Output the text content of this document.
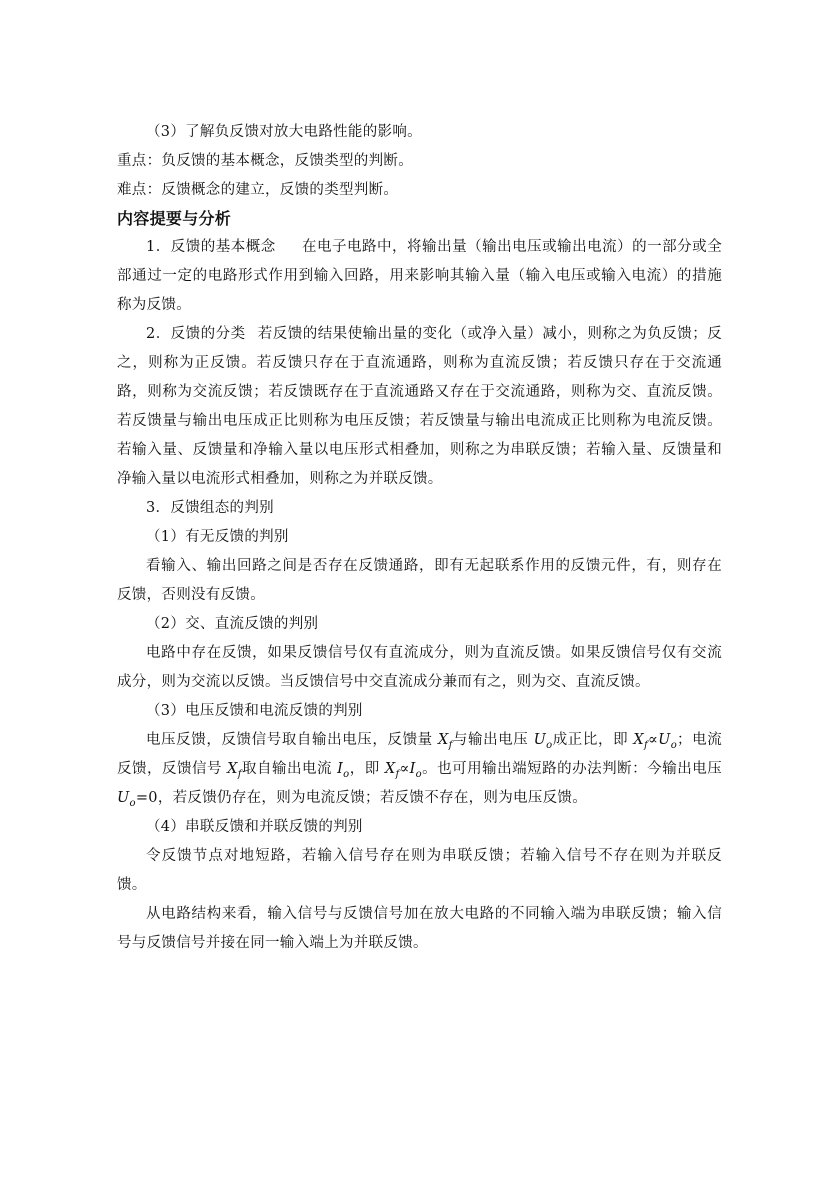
（3）了解负反馈对放大电路性能的影响。

重点：负反馈的基本概念，反馈类型的判断。

难点：反馈概念的建立，反馈的类型判断。

内容提要与分析

1．反馈的基本概念 在电子电路中，将输出量（输出电压或输出电流）的一部分或全部通过一定的电路形式作用到输入回路，用来影响其输入量（输入电压或输入电流）的措施称为反馈。

2．反馈的分类 若反馈的结果使输出量的变化（或净入量）减小，则称之为负反馈；反之，则称为正反馈。若反馈只存在于直流通路，则称为直流反馈；若反馈只存在于交流通路，则称为交流反馈；若反馈既存在于直流通路又存在于交流通路，则称为交、直流反馈。若反馈量与输出电压成正比则称为电压反馈；若反馈量与输出电流成正比则称为电流反馈。若输入量、反馈量和净输入量以电压形式相叠加，则称之为串联反馈；若输入量、反馈量和净输入量以电流形式相叠加，则称之为并联反馈。

3．反馈组态的判别

（1）有无反馈的判别

看输入、输出回路之间是否存在反馈通路，即有无起联系作用的反馈元件，有，则存在反馈，否则没有反馈。

（2）交、直流反馈的判别

电路中存在反馈，如果反馈信号仅有直流成分，则为直流反馈。如果反馈信号仅有交流成分，则为交流以反馈。当反馈信号中交直流成分兼而有之，则为交、直流反馈。

（3）电压反馈和电流反馈的判别

电压反馈，反馈信号取自输出电压，反馈量 $X_f$与输出电压 $U_o$成正比，即 $X_f\propto U_o$；电流反馈，反馈信号 $X_f$取自输出电流 $I_o$，即 $X_f\propto I_o$。也可用输出端短路的办法判断：今输出电压 $U_o=0$，若反馈仍存在，则为电流反馈；若反馈不存在，则为电压反馈。

（4）串联反馈和并联反馈的判别

令反馈节点对地短路，若输入信号存在则为串联反馈；若输入信号不存在则为并联反馈。

从电路结构来看，输入信号与反馈信号加在放大电路的不同输入端为串联反馈；输入信号与反馈信号并接在同一输入端上为并联反馈。
